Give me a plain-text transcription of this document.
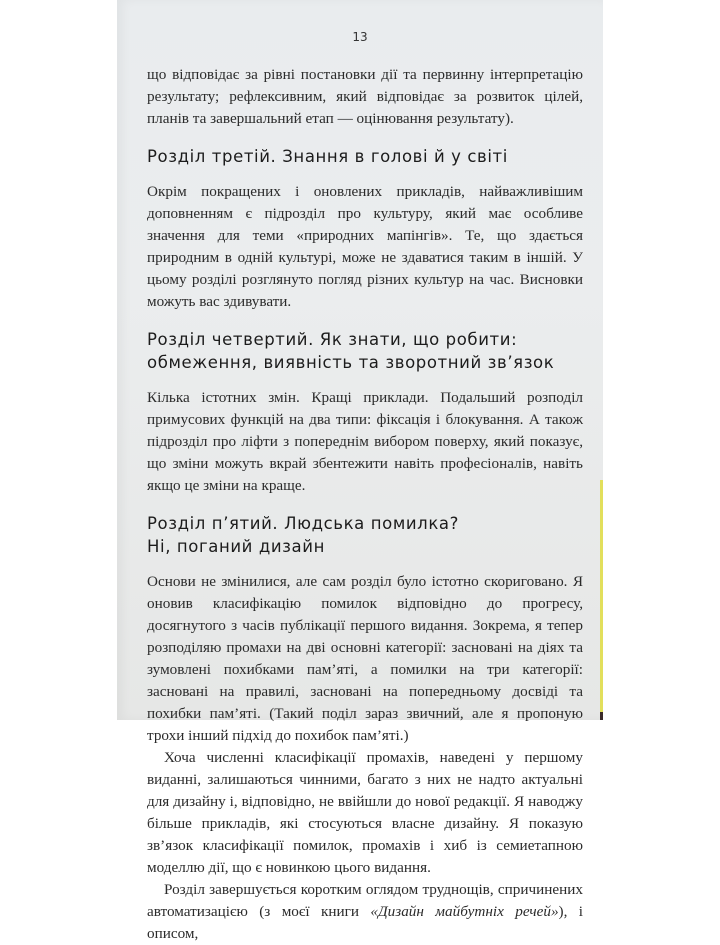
13

що відповідає за рівні постановки дії та первинну інтерпретацію результату; рефлексивним, який відповідає за розвиток цілей, планів та завершальний етап — оцінювання результату).

Розділ третій. Знання в голові й у світі

Окрім покращених і оновлених прикладів, найважливішим доповненням є підрозділ про культуру, який має особливе значення для теми «природних мапінгів». Те, що здається природним в одній культурі, може не здаватися таким в іншій. У цьому розділі розглянуто погляд різних культур на час. Висновки можуть вас здивувати.

Розділ четвертий. Як знати, що робити:
обмеження, виявність та зворотний зв’язок

Кілька істотних змін. Кращі приклади. Подальший розподіл примусових функцій на два типи: фіксація і блокування. А також підрозділ про ліфти з попереднім вибором поверху, який показує, що зміни можуть вкрай збентежити навіть професіоналів, навіть якщо це зміни на краще.

Розділ п’ятий. Людська помилка?
Ні, поганий дизайн

Основи не змінилися, але сам розділ було істотно скориговано. Я оновив класифікацію помилок відповідно до прогресу, досягнутого з часів публікації першого видання. Зокрема, я тепер розподіляю промахи на дві основні категорії: засновані на діях та зумовлені похибками пам’яті, а помилки на три категорії: засновані на правилі, засновані на попередньому досвіді та похибки пам’яті. (Такий поділ зараз звичний, але я пропоную трохи інший підхід до похибок пам’яті.)

Хоча численні класифікації промахів, наведені у першому виданні, залишаються чинними, багато з них не надто актуальні для дизайну і, відповідно, не ввійшли до нової редакції. Я наводжу більше прикладів, які стосуються власне дизайну. Я показую зв’язок класифікації помилок, промахів і хиб із семиетапною моделлю дії, що є новинкою цього видання.

Розділ завершується коротким оглядом труднощів, спричинених автоматизацією (з моєї книги «Дизайн майбутніх речей»), і описом,
